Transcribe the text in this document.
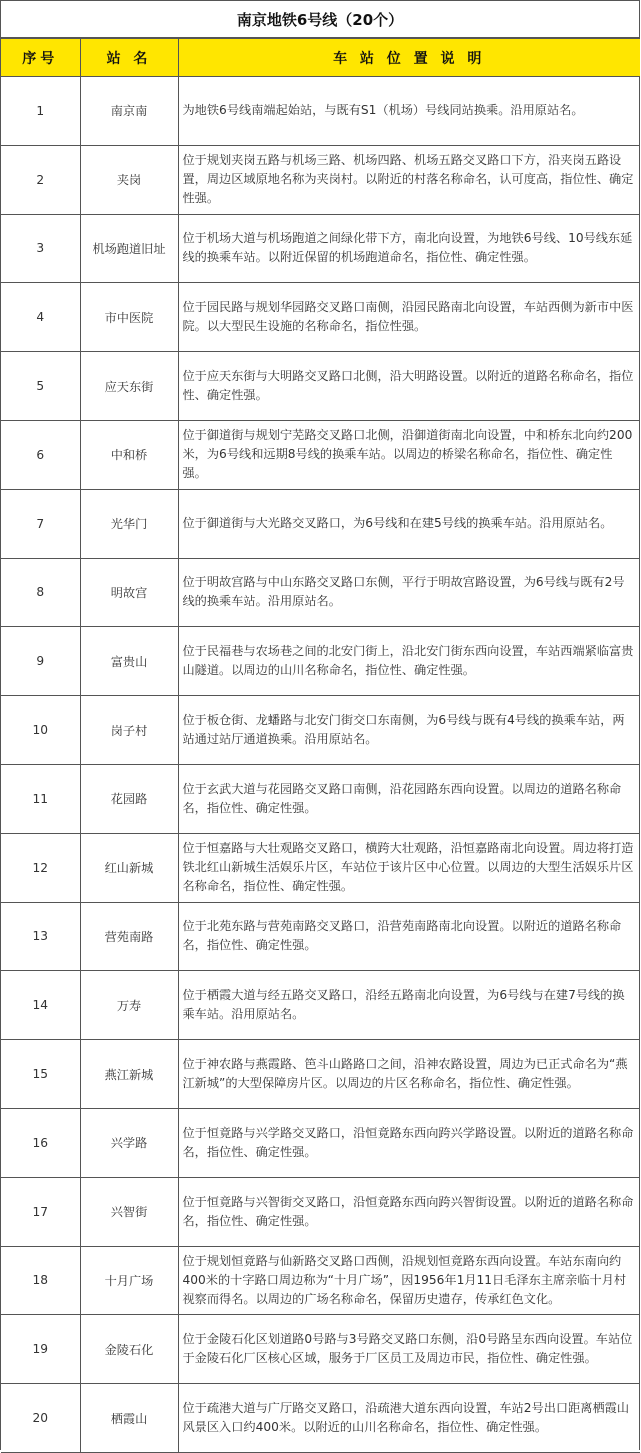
南京地铁6号线（20个）
序号	站 名	车 站 位 置 说 明
1	南京南	为地铁6号线南端起始站，与既有S1（机场）号线同站换乘。沿用原站名。
2	夹岗	位于规划夹岗五路与机场三路、机场四路、机场五路交叉路口下方，沿夹岗五路设置，周边区域原地名称为夹岗村。以附近的村落名称命名，认可度高，指位性、确定性强。
3	机场跑道旧址	位于机场大道与机场跑道之间绿化带下方，南北向设置，为地铁6号线、10号线东延线的换乘车站。以附近保留的机场跑道命名，指位性、确定性强。
4	市中医院	位于园民路与规划华园路交叉路口南侧，沿园民路南北向设置，车站西侧为新市中医院。以大型民生设施的名称命名，指位性强。
5	应天东街	位于应天东街与大明路交叉路口北侧，沿大明路设置。以附近的道路名称命名，指位性、确定性强。
6	中和桥	位于御道街与规划宁芜路交叉路口北侧，沿御道街南北向设置，中和桥东北向约200米，为6号线和远期8号线的换乘车站。以周边的桥梁名称命名，指位性、确定性强。
7	光华门	位于御道街与大光路交叉路口，为6号线和在建5号线的换乘车站。沿用原站名。
8	明故宫	位于明故宫路与中山东路交叉路口东侧，平行于明故宫路设置，为6号线与既有2号线的换乘车站。沿用原站名。
9	富贵山	位于民福巷与农场巷之间的北安门街上，沿北安门街东西向设置，车站西端紧临富贵山隧道。以周边的山川名称命名，指位性、确定性强。
10	岗子村	位于板仓街、龙蟠路与北安门街交口东南侧，为6号线与既有4号线的换乘车站，两站通过站厅通道换乘。沿用原站名。
11	花园路	位于玄武大道与花园路交叉路口南侧，沿花园路东西向设置。以周边的道路名称命名，指位性、确定性强。
12	红山新城	位于恒嘉路与大壮观路交叉路口，横跨大壮观路，沿恒嘉路南北向设置。周边将打造铁北红山新城生活娱乐片区，车站位于该片区中心位置。以周边的大型生活娱乐片区名称命名，指位性、确定性强。
13	营苑南路	位于北苑东路与营苑南路交叉路口，沿营苑南路南北向设置。以附近的道路名称命名，指位性、确定性强。
14	万寿	位于栖霞大道与经五路交叉路口，沿经五路南北向设置，为6号线与在建7号线的换乘车站。沿用原站名。
15	燕江新城	位于神农路与燕霞路、笆斗山路路口之间，沿神农路设置，周边为已正式命名为“燕江新城”的大型保障房片区。以周边的片区名称命名，指位性、确定性强。
16	兴学路	位于恒竟路与兴学路交叉路口，沿恒竟路东西向跨兴学路设置。以附近的道路名称命名，指位性、确定性强。
17	兴智街	位于恒竟路与兴智街交叉路口，沿恒竟路东西向跨兴智街设置。以附近的道路名称命名，指位性、确定性强。
18	十月广场	位于规划恒竟路与仙新路交叉路口西侧，沿规划恒竟路东西向设置。车站东南向约400米的十字路口周边称为“十月广场”，因1956年1月11日毛泽东主席亲临十月村视察而得名。以周边的广场名称命名，保留历史遗存，传承红色文化。
19	金陵石化	位于金陵石化区划道路0号路与3号路交叉路口东侧，沿0号路呈东西向设置。车站位于金陵石化厂区核心区域，服务于厂区员工及周边市民，指位性、确定性强。
20	栖霞山	位于疏港大道与广厅路交叉路口，沿疏港大道东西向设置，车站2号出口距离栖霞山风景区入口约400米。以附近的山川名称命名，指位性、确定性强。
